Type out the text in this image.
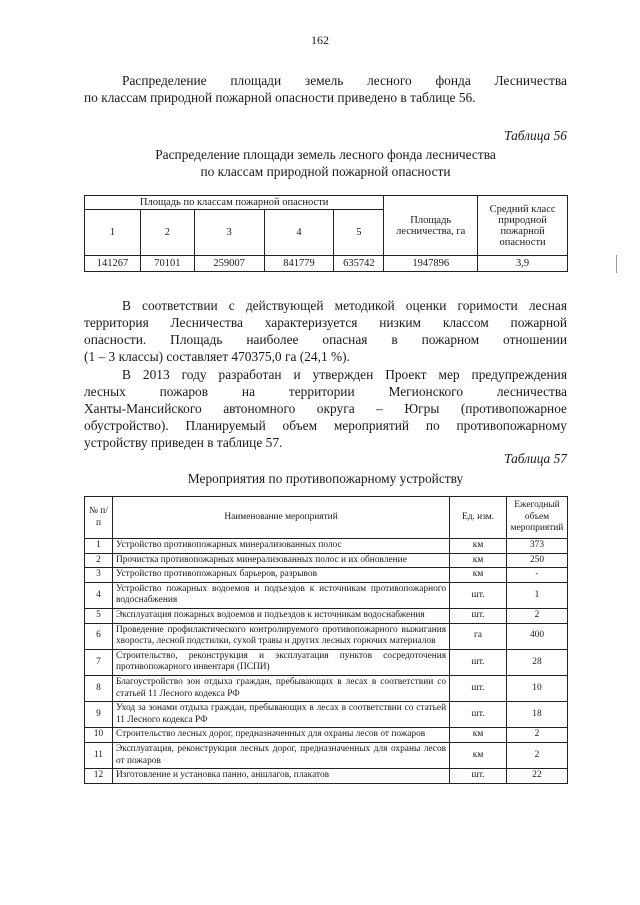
162
Распределение площади земель лесного фонда Лесничества
по классам природной пожарной опасности приведено в таблице 56.
Таблица 56
Распределение площади земель лесного фонда лесничества
по классам природной пожарной опасности
Площадь по классам пожарной опасности					Площадь лесничества, га	Средний класс природной пожарной опасности
1	2	3	4	5		
141267	70101	259007	841779	635742	1947896	3,9
В соответствии с действующей методикой оценки горимости лесная
территория Лесничества характеризуется низким классом пожарной
опасности. Площадь наиболее опасная в пожарном отношении
(1 – 3 классы) составляет 470375,0 га (24,1 %).
В 2013 году разработан и утвержден Проект мер предупреждения
лесных пожаров на территории Мегионского лесничества
Ханты-Мансийского автономного округа – Югры (противопожарное
обустройство). Планируемый объем мероприятий по противопожарному
устройству приведен в таблице 57.
Таблица 57
Мероприятия по противопожарному устройству
№ п/п	Наименование мероприятий	Ед. изм.	Ежегодный объем мероприятий
1	Устройство противопожарных минерализованных полос	км	373
2	Прочистка противопожарных минерализованных полос и их обновление	км	250
3	Устройство противопожарных барьеров, разрывов	км	-
4	Устройство пожарных водоемов и подъездов к источникам противопожарного водоснабжения	шт.	1
5	Эксплуатация пожарных водоемов и подъездов к источникам водоснабжения	шт.	2
6	Проведение профилактического контролируемого противопожарного выжигания хвороста, лесной подстилки, сухой травы и других лесных горючих материалов	га	400
7	Строительство, реконструкция и эксплуатация пунктов сосредоточения противопожарного инвентаря (ПСПИ)	шт.	28
8	Благоустройство зон отдыха граждан, пребывающих в лесах в соответствии со статьей 11 Лесного кодекса РФ	шт.	10
9	Уход за зонами отдыха граждан, пребывающих в лесах в соответствии со статьей 11 Лесного кодекса РФ	шт.	18
10	Строительство лесных дорог, предназначенных для охраны лесов от пожаров	км	2
11	Эксплуатация, реконструкция лесных дорог, предназначенных для охраны лесов от пожаров	км	2
12	Изготовление и установка панно, аншлагов, плакатов	шт.	22
